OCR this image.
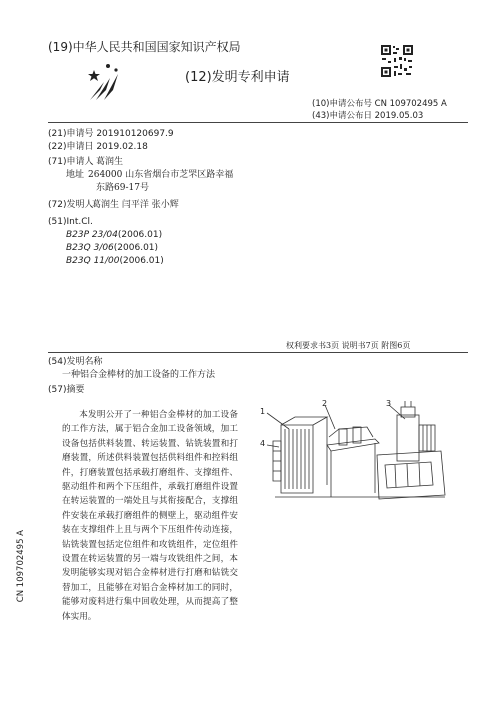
(19)中华人民共和国国家知识产权局
(12)发明专利申请
(10)申请公布号 CN 109702495 A
(43)申请公布日 2019.05.03
(21)申请号 201910120697.9
(22)申请日 2019.02.18
(71)申请人 葛润生
地址 264000 山东省烟台市芝罘区路幸福
东路69-17号
(72)发明人
葛润生 闫平洋 张小辉
(51)Int.Cl.
B23P 23/04(2006.01)
B23Q 3/06(2006.01)
B23Q 11/00(2006.01)
权利要求书3页 说明书7页 附图6页
(54)发明名称
一种铝合金棒材的加工设备的工作方法
(57)摘要
本发明公开了一种铝合金棒材的加工设备的工作方法，属于铝合金加工设备领域，加工设备包括供料装置、转运装置、钻铣装置和打磨装置，所述供料装置包括供料组件和控料组件，打磨装置包括承载打磨组件、支撑组件、驱动组件和两个下压组件，承载打磨组件设置在转运装置的一端处且与其衔接配合，支撑组件安装在承载打磨组件的侧壁上，驱动组件安装在支撑组件上且与两个下压组件传动连接，钻铣装置包括定位组件和攻铣组件，定位组件设置在转运装置的另一端与攻铣组件之间，本发明能够实现对铝合金棒材进行打磨和钻铣交替加工，且能够在对铝合金棒材加工的同时，能够对废料进行集中回收处理，从而提高了整体实用。
1
2	3
4
CN 109702495 A
